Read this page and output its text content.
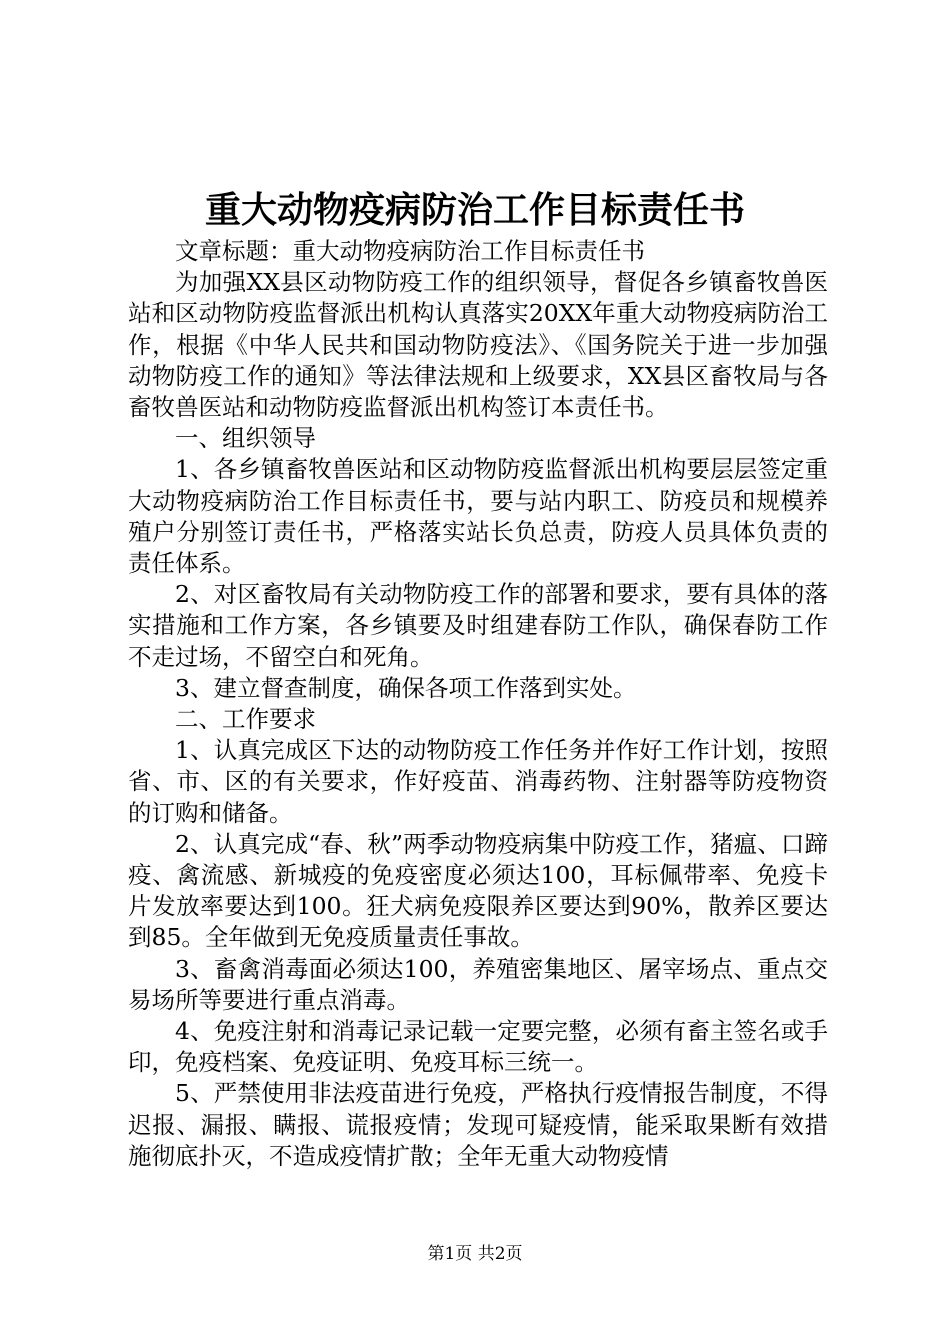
重大动物疫病防治工作目标责任书

文章标题：重大动物疫病防治工作目标责任书

为加强XX县区动物防疫工作的组织领导，督促各乡镇畜牧兽医站和区动物防疫监督派出机构认真落实20XX年重大动物疫病防治工作，根据《中华人民共和国动物防疫法》、《国务院关于进一步加强动物防疫工作的通知》等法律法规和上级要求，XX县区畜牧局与各畜牧兽医站和动物防疫监督派出机构签订本责任书。

一、组织领导

1、各乡镇畜牧兽医站和区动物防疫监督派出机构要层层签定重大动物疫病防治工作目标责任书，要与站内职工、防疫员和规模养殖户分别签订责任书，严格落实站长负总责，防疫人员具体负责的责任体系。

2、对区畜牧局有关动物防疫工作的部署和要求，要有具体的落实措施和工作方案，各乡镇要及时组建春防工作队，确保春防工作不走过场，不留空白和死角。

3、建立督查制度，确保各项工作落到实处。

二、工作要求

1、认真完成区下达的动物防疫工作任务并作好工作计划，按照省、市、区的有关要求，作好疫苗、消毒药物、注射器等防疫物资的订购和储备。

2、认真完成“春、秋”两季动物疫病集中防疫工作，猪瘟、口蹄疫、禽流感、新城疫的免疫密度必须达100，耳标佩带率、免疫卡片发放率要达到100。狂犬病免疫限养区要达到90%，散养区要达到85。全年做到无免疫质量责任事故。

3、畜禽消毒面必须达100，养殖密集地区、屠宰场点、重点交易场所等要进行重点消毒。

4、免疫注射和消毒记录记载一定要完整，必须有畜主签名或手印，免疫档案、免疫证明、免疫耳标三统一。

5、严禁使用非法疫苗进行免疫，严格执行疫情报告制度，不得迟报、漏报、瞒报、谎报疫情；发现可疑疫情，能采取果断有效措施彻底扑灭，不造成疫情扩散；全年无重大动物疫情

第1页 共2页
